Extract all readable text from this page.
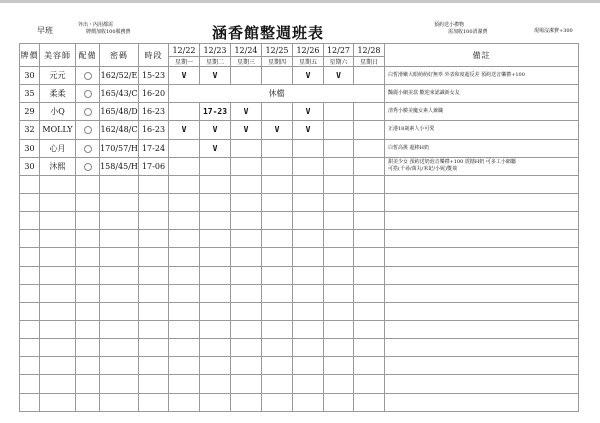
早班
外出・內用都需
牌價加收100服務費	涵香館整週班表	預約送小禮物
需加收100清潔費	現場沒潔費+300
牌價	美容師	配備	密碼	時段	12/22	12/23	12/24	12/25	12/26	12/27	12/28	備註
					星期一	星期二	星期三	星期四	星期五	星期六	星期日	
30	元元		162/52/E	15-23	V	V			V	V		白皙滑嫩大眼萌萌好無辜 外表和度超反差 預約送音樂禮+100

35	柔柔		165/43/C	16-20	休檔							豔麗小網美款 歡迎來認識新女友

29	小Q		165/48/D	16-23		17-23	V		V			清秀小臉美魔女素人兼職

32	MOLLY		162/48/C	16-23	V	V	V	V	V			正港18歲素人小可愛

30	心月		170/57/H	17-24		V						白皙高挑 超棒H奶

30	沐熙		158/45/H	17-06								甜美少女 預約送奶泡音樂禮+100 震撼H奶 可多工小網屬
可搭(千尋/萬丸/米妃/小妮)雙飛
